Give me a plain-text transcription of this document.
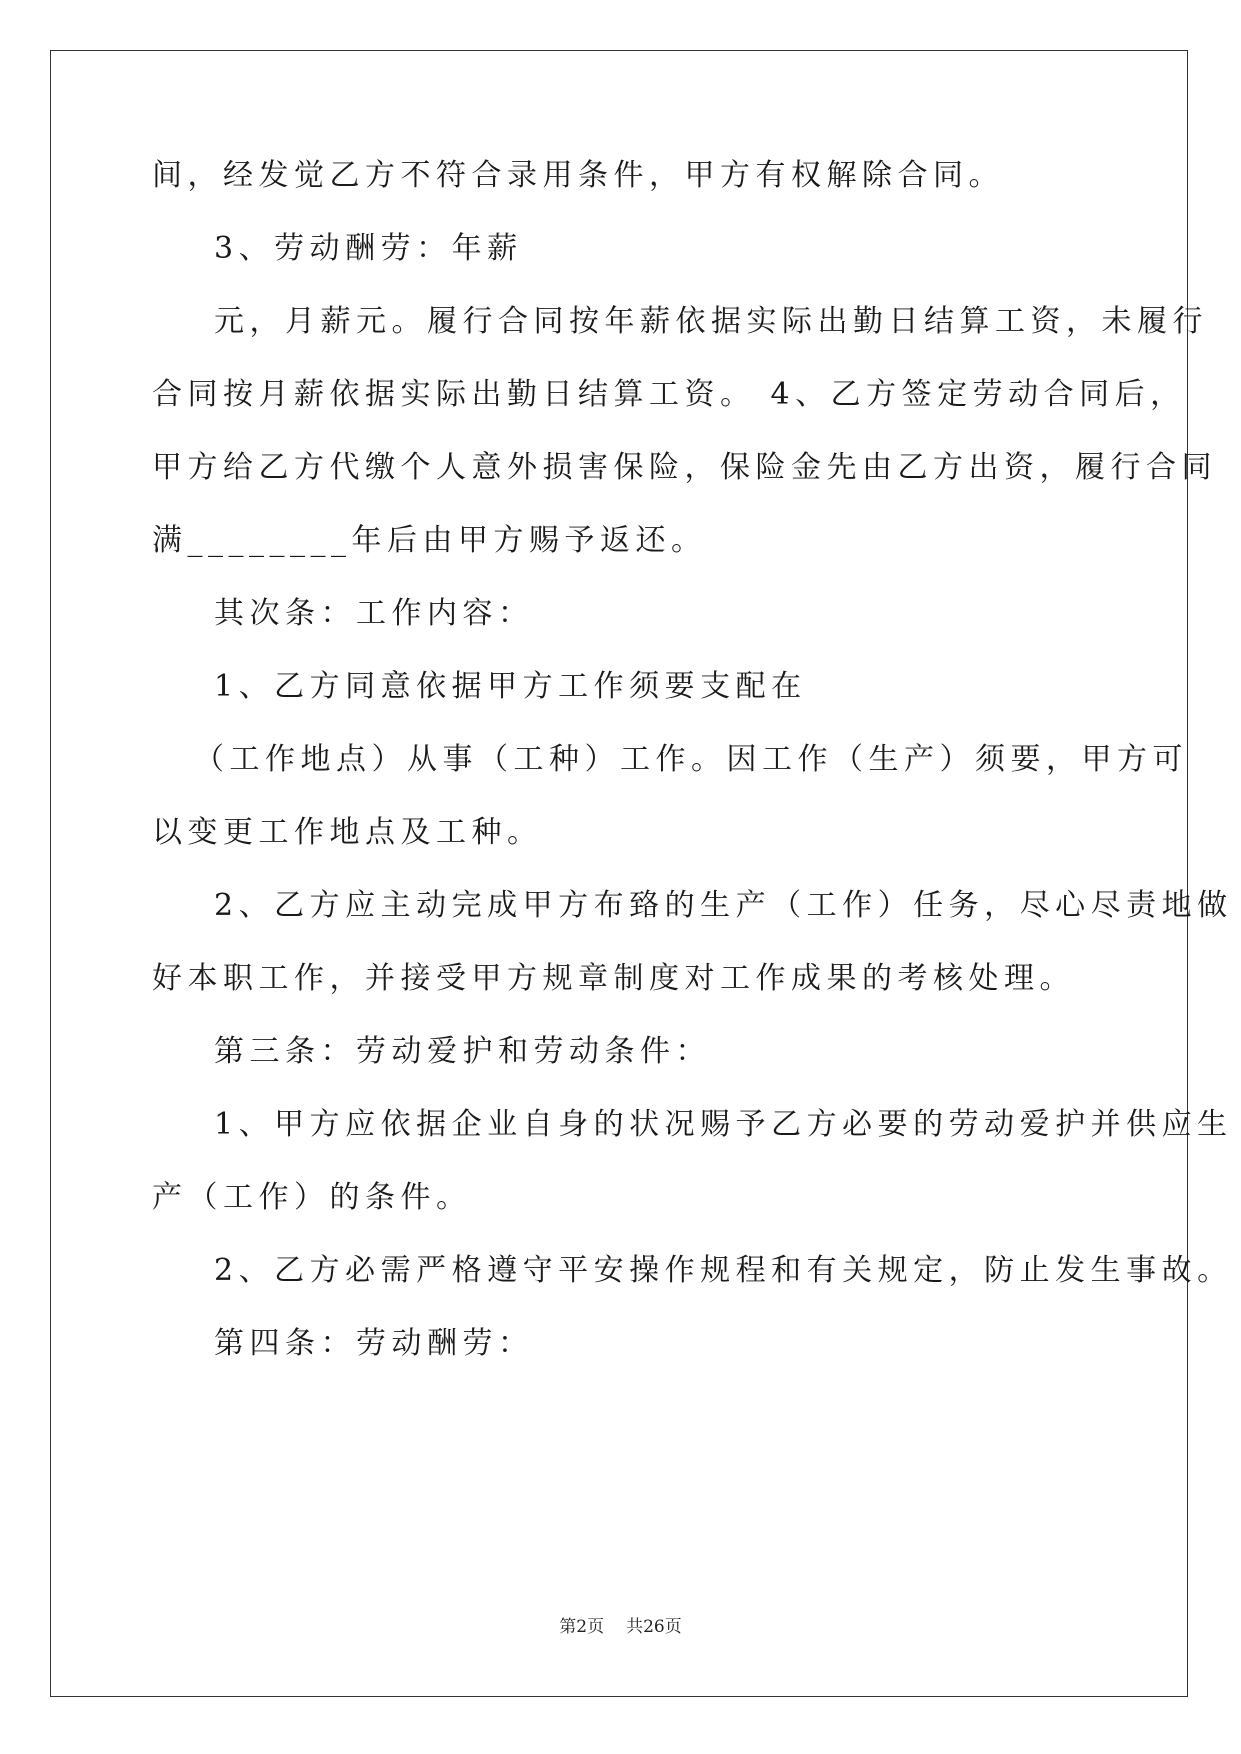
间，经发觉乙方不符合录用条件，甲方有权解除合同。
3、劳动酬劳：年薪
元，月薪元。履行合同按年薪依据实际出勤日结算工资，未履行
合同按月薪依据实际出勤日结算工资。 4、乙方签定劳动合同后，
甲方给乙方代缴个人意外损害保险，保险金先由乙方出资，履行合同
满________年后由甲方赐予返还。
其次条：工作内容：
1、乙方同意依据甲方工作须要支配在
（工作地点）从事（工种）工作。因工作（生产）须要，甲方可
以变更工作地点及工种。
2、乙方应主动完成甲方布臵的生产（工作）任务，尽心尽责地做
好本职工作，并接受甲方规章制度对工作成果的考核处理。
第三条：劳动爱护和劳动条件：
1、甲方应依据企业自身的状况赐予乙方必要的劳动爱护并供应生
产（工作）的条件。
2、乙方必需严格遵守平安操作规程和有关规定，防止发生事故。
第四条：劳动酬劳：
第2页 共26页
